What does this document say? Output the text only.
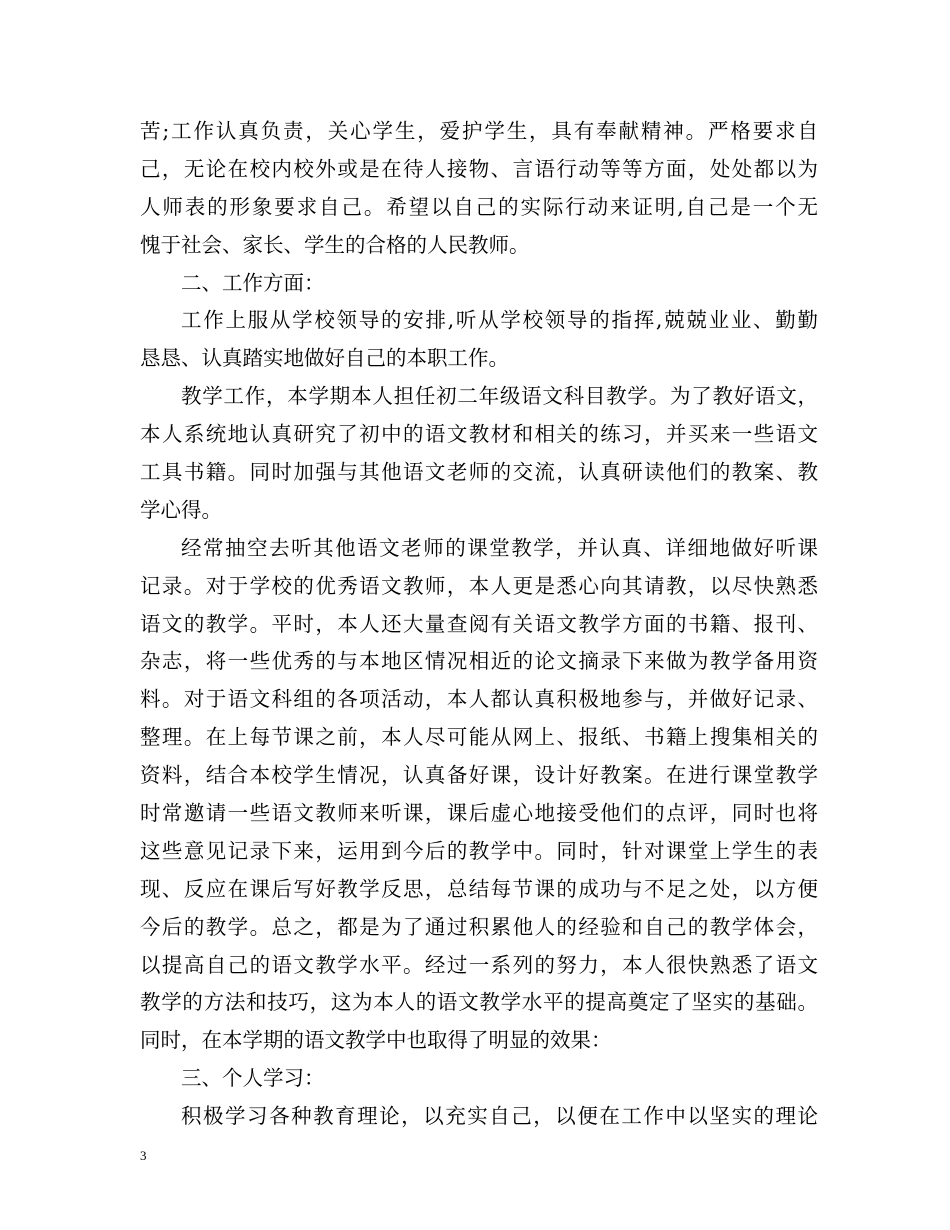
苦;工作认真负责，关心学生，爱护学生，具有奉献精神。严格要求自
己，无论在校内校外或是在待人接物、言语行动等等方面，处处都以为
人师表的形象要求自己。希望以自己的实际行动来证明,自己是一个无
愧于社会、家长、学生的合格的人民教师。
二、工作方面：
工作上服从学校领导的安排,听从学校领导的指挥,兢兢业业、勤勤
恳恳、认真踏实地做好自己的本职工作。
教学工作，本学期本人担任初二年级语文科目教学。为了教好语文，
本人系统地认真研究了初中的语文教材和相关的练习，并买来一些语文
工具书籍。同时加强与其他语文老师的交流，认真研读他们的教案、教
学心得。
经常抽空去听其他语文老师的课堂教学，并认真、详细地做好听课
记录。对于学校的优秀语文教师，本人更是悉心向其请教，以尽快熟悉
语文的教学。平时，本人还大量查阅有关语文教学方面的书籍、报刊、
杂志，将一些优秀的与本地区情况相近的论文摘录下来做为教学备用资
料。对于语文科组的各项活动，本人都认真积极地参与，并做好记录、
整理。在上每节课之前，本人尽可能从网上、报纸、书籍上搜集相关的
资料，结合本校学生情况，认真备好课，设计好教案。在进行课堂教学
时常邀请一些语文教师来听课，课后虚心地接受他们的点评，同时也将
这些意见记录下来，运用到今后的教学中。同时，针对课堂上学生的表
现、反应在课后写好教学反思，总结每节课的成功与不足之处，以方便
今后的教学。总之，都是为了通过积累他人的经验和自己的教学体会，
以提高自己的语文教学水平。经过一系列的努力，本人很快熟悉了语文
教学的方法和技巧，这为本人的语文教学水平的提高奠定了坚实的基础。
同时，在本学期的语文教学中也取得了明显的效果：
三、个人学习：
积极学习各种教育理论，以充实自己，以便在工作中以坚实的理论
3
